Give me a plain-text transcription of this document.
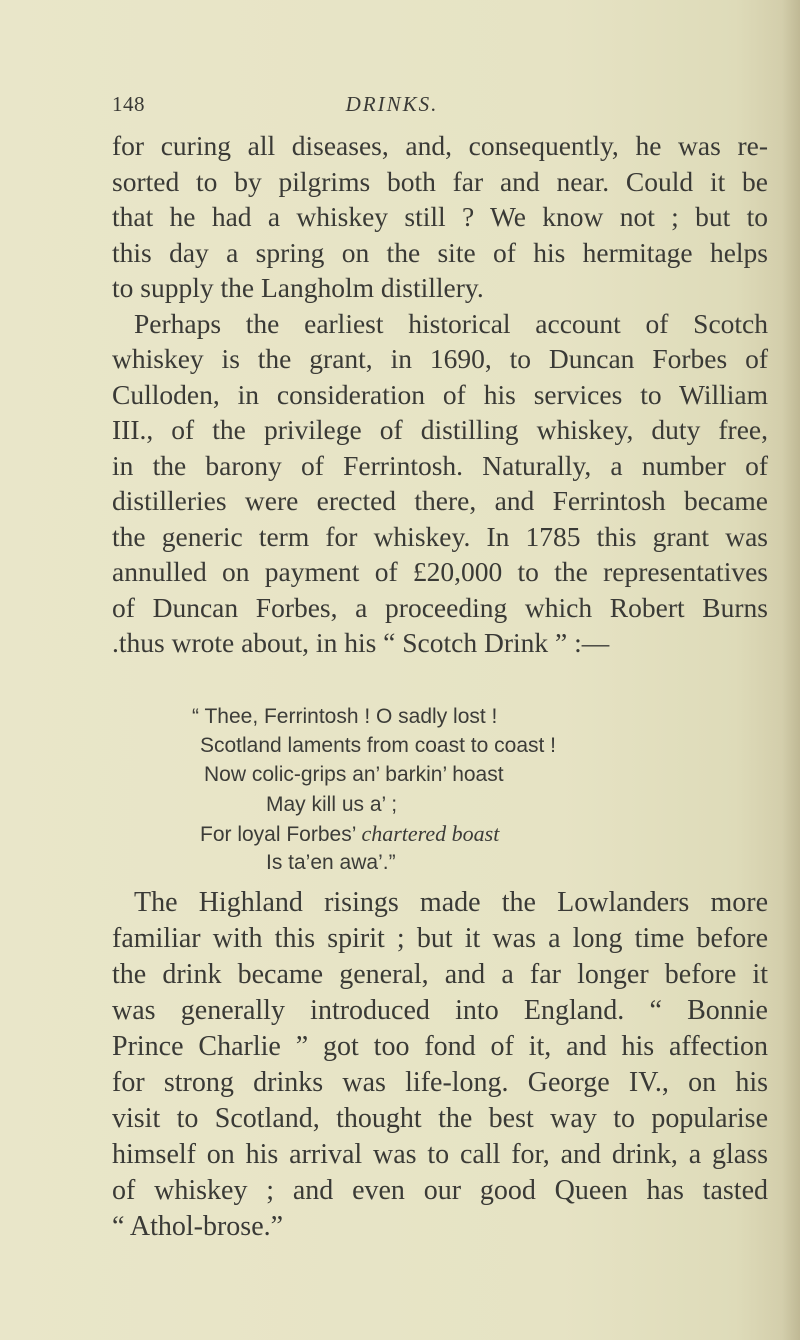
148	DRINKS.
for curing all diseases, and, consequently, he was re-
sorted to by pilgrims both far and near. Could it be
that he had a whiskey still ? We know not ; but to
this day a spring on the site of his hermitage helps
to supply the Langholm distillery.
Perhaps the earliest historical account of Scotch
whiskey is the grant, in 1690, to Duncan Forbes of
Culloden, in consideration of his services to William
III., of the privilege of distilling whiskey, duty free,
in the barony of Ferrintosh. Naturally, a number of
distilleries were erected there, and Ferrintosh became
the generic term for whiskey. In 1785 this grant was
annulled on payment of £20,000 to the representatives
of Duncan Forbes, a proceeding which Robert Burns
.thus wrote about, in his “ Scotch Drink ” :—
“ Thee, Ferrintosh ! O sadly lost !
Scotland laments from coast to coast !
Now colic-grips an’ barkin’ hoast
May kill us a’ ;
For loyal Forbes’ chartered boast
Is ta’en awa’.”
The Highland risings made the Lowlanders more
familiar with this spirit ; but it was a long time before
the drink became general, and a far longer before it
was generally introduced into England. “ Bonnie
Prince Charlie ” got too fond of it, and his affection
for strong drinks was life-long. George IV., on his
visit to Scotland, thought the best way to popularise
himself on his arrival was to call for, and drink, a glass
of whiskey ; and even our good Queen has tasted
“ Athol-brose.”
